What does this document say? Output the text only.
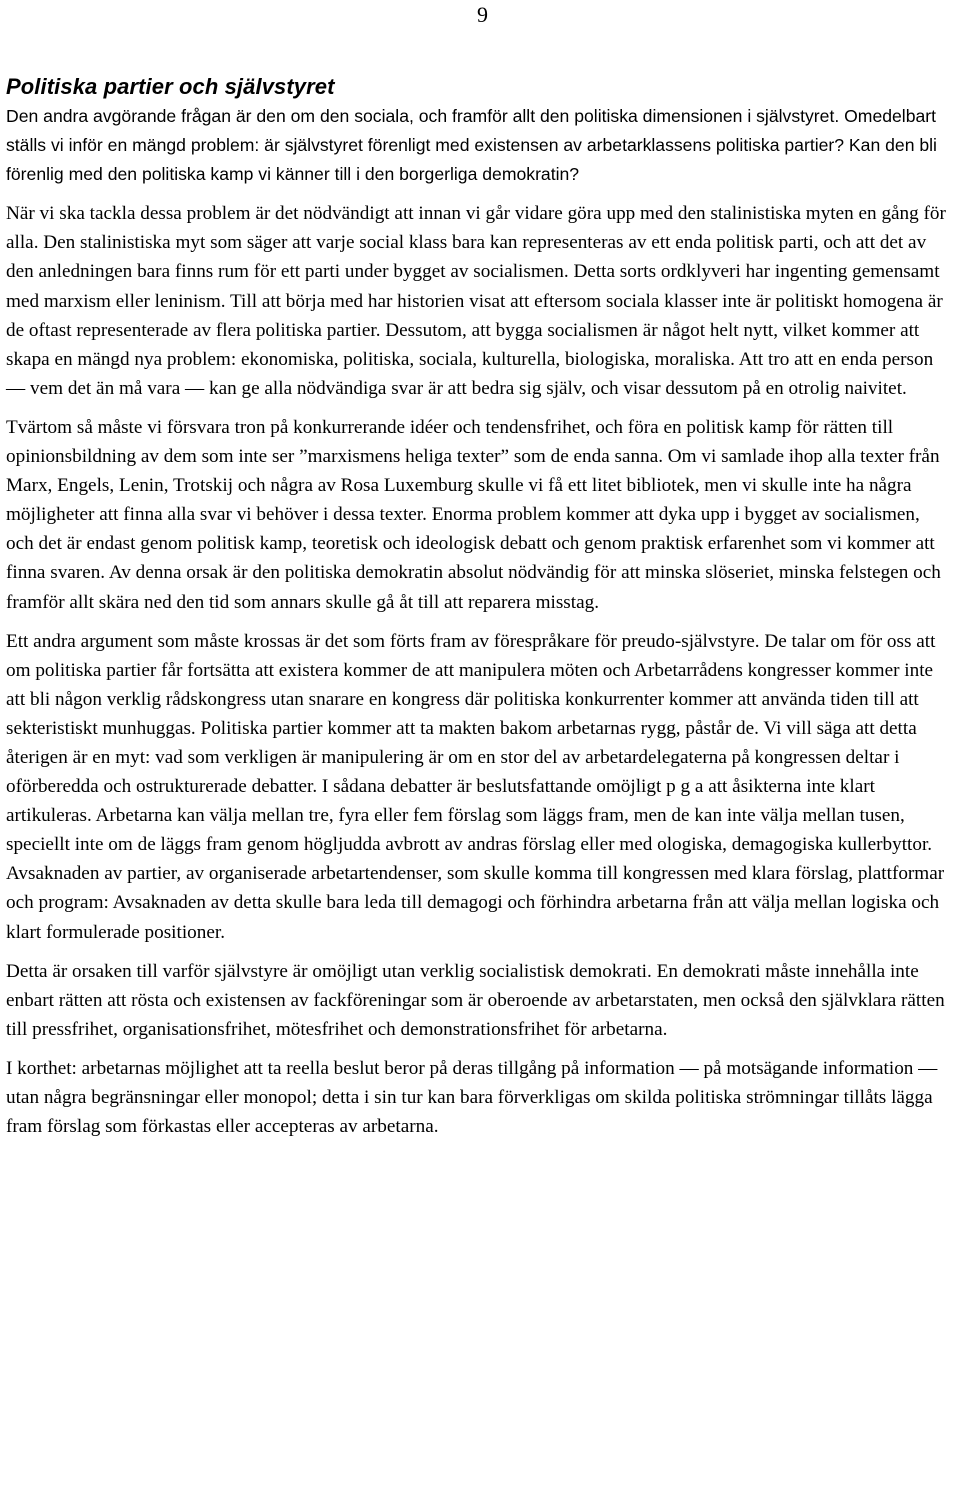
9
Politiska partier och självstyret

Den andra avgörande frågan är den om den sociala, och framför allt den politiska dimensionen i självstyret. Omedelbart ställs vi inför en mängd problem: är självstyret förenligt med existensen av arbetarklassens politiska partier? Kan den bli förenlig med den politiska kamp vi känner till i den borgerliga demokratin?

När vi ska tackla dessa problem är det nödvändigt att innan vi går vidare göra upp med den stalinistiska myten en gång för alla. Den stalinistiska myt som säger att varje social klass bara kan representeras av ett enda politisk parti, och att det av den anledningen bara finns rum för ett parti under bygget av socialismen. Detta sorts ordklyveri har ingenting gemensamt med marxism eller leninism. Till att börja med har historien visat att eftersom sociala klasser inte är politiskt homogena är de oftast representerade av flera politiska partier. Dessutom, att bygga socialismen är något helt nytt, vilket kommer att skapa en mängd nya problem: ekonomiska, politiska, sociala, kulturella, biologiska, moraliska. Att tro att en enda person — vem det än må vara — kan ge alla nödvändiga svar är att bedra sig själv, och visar dessutom på en otrolig naivitet.

Tvärtom så måste vi försvara tron på konkurrerande idéer och tendensfrihet, och föra en politisk kamp för rätten till opinionsbildning av dem som inte ser ”marxismens heliga texter” som de enda sanna. Om vi samlade ihop alla texter från Marx, Engels, Lenin, Trotskij och några av Rosa Luxemburg skulle vi få ett litet bibliotek, men vi skulle inte ha några möjligheter att finna alla svar vi behöver i dessa texter. Enorma problem kommer att dyka upp i bygget av socialismen, och det är endast genom politisk kamp, teoretisk och ideologisk debatt och genom praktisk erfarenhet som vi kommer att finna svaren. Av denna orsak är den politiska demokratin absolut nödvändig för att minska slöseriet, minska felstegen och framför allt skära ned den tid som annars skulle gå åt till att reparera misstag.

Ett andra argument som måste krossas är det som förts fram av förespråkare för preudo-självstyre. De talar om för oss att om politiska partier får fortsätta att existera kommer de att manipulera möten och Arbetarrådens kongresser kommer inte att bli någon verklig rådskongress utan snarare en kongress där politiska konkurrenter kommer att använda tiden till att sekteristiskt munhuggas. Politiska partier kommer att ta makten bakom arbetarnas rygg, påstår de. Vi vill säga att detta återigen är en myt: vad som verkligen är manipulering är om en stor del av arbetardelegaterna på kongressen deltar i oförberedda och ostrukturerade debatter. I sådana debatter är beslutsfattande omöjligt p g a att åsikterna inte klart artikuleras. Arbetarna kan välja mellan tre, fyra eller fem förslag som läggs fram, men de kan inte välja mellan tusen, speciellt inte om de läggs fram genom högljudda avbrott av andras förslag eller med ologiska, demagogiska kullerbyttor. Avsaknaden av partier, av organiserade arbetartendenser, som skulle komma till kongressen med klara förslag, plattformar och program: Avsaknaden av detta skulle bara leda till demagogi och förhindra arbetarna från att välja mellan logiska och klart formulerade positioner.

Detta är orsaken till varför självstyre är omöjligt utan verklig socialistisk demokrati. En demokrati måste innehålla inte enbart rätten att rösta och existensen av fackföreningar som är oberoende av arbetarstaten, men också den självklara rätten till pressfrihet, organisationsfrihet, mötesfrihet och demonstrationsfrihet för arbetarna.

I korthet: arbetarnas möjlighet att ta reella beslut beror på deras tillgång på information — på motsägande information — utan några begränsningar eller monopol; detta i sin tur kan bara förverkligas om skilda politiska strömningar tillåts lägga fram förslag som förkastas eller accepteras av arbetarna.
